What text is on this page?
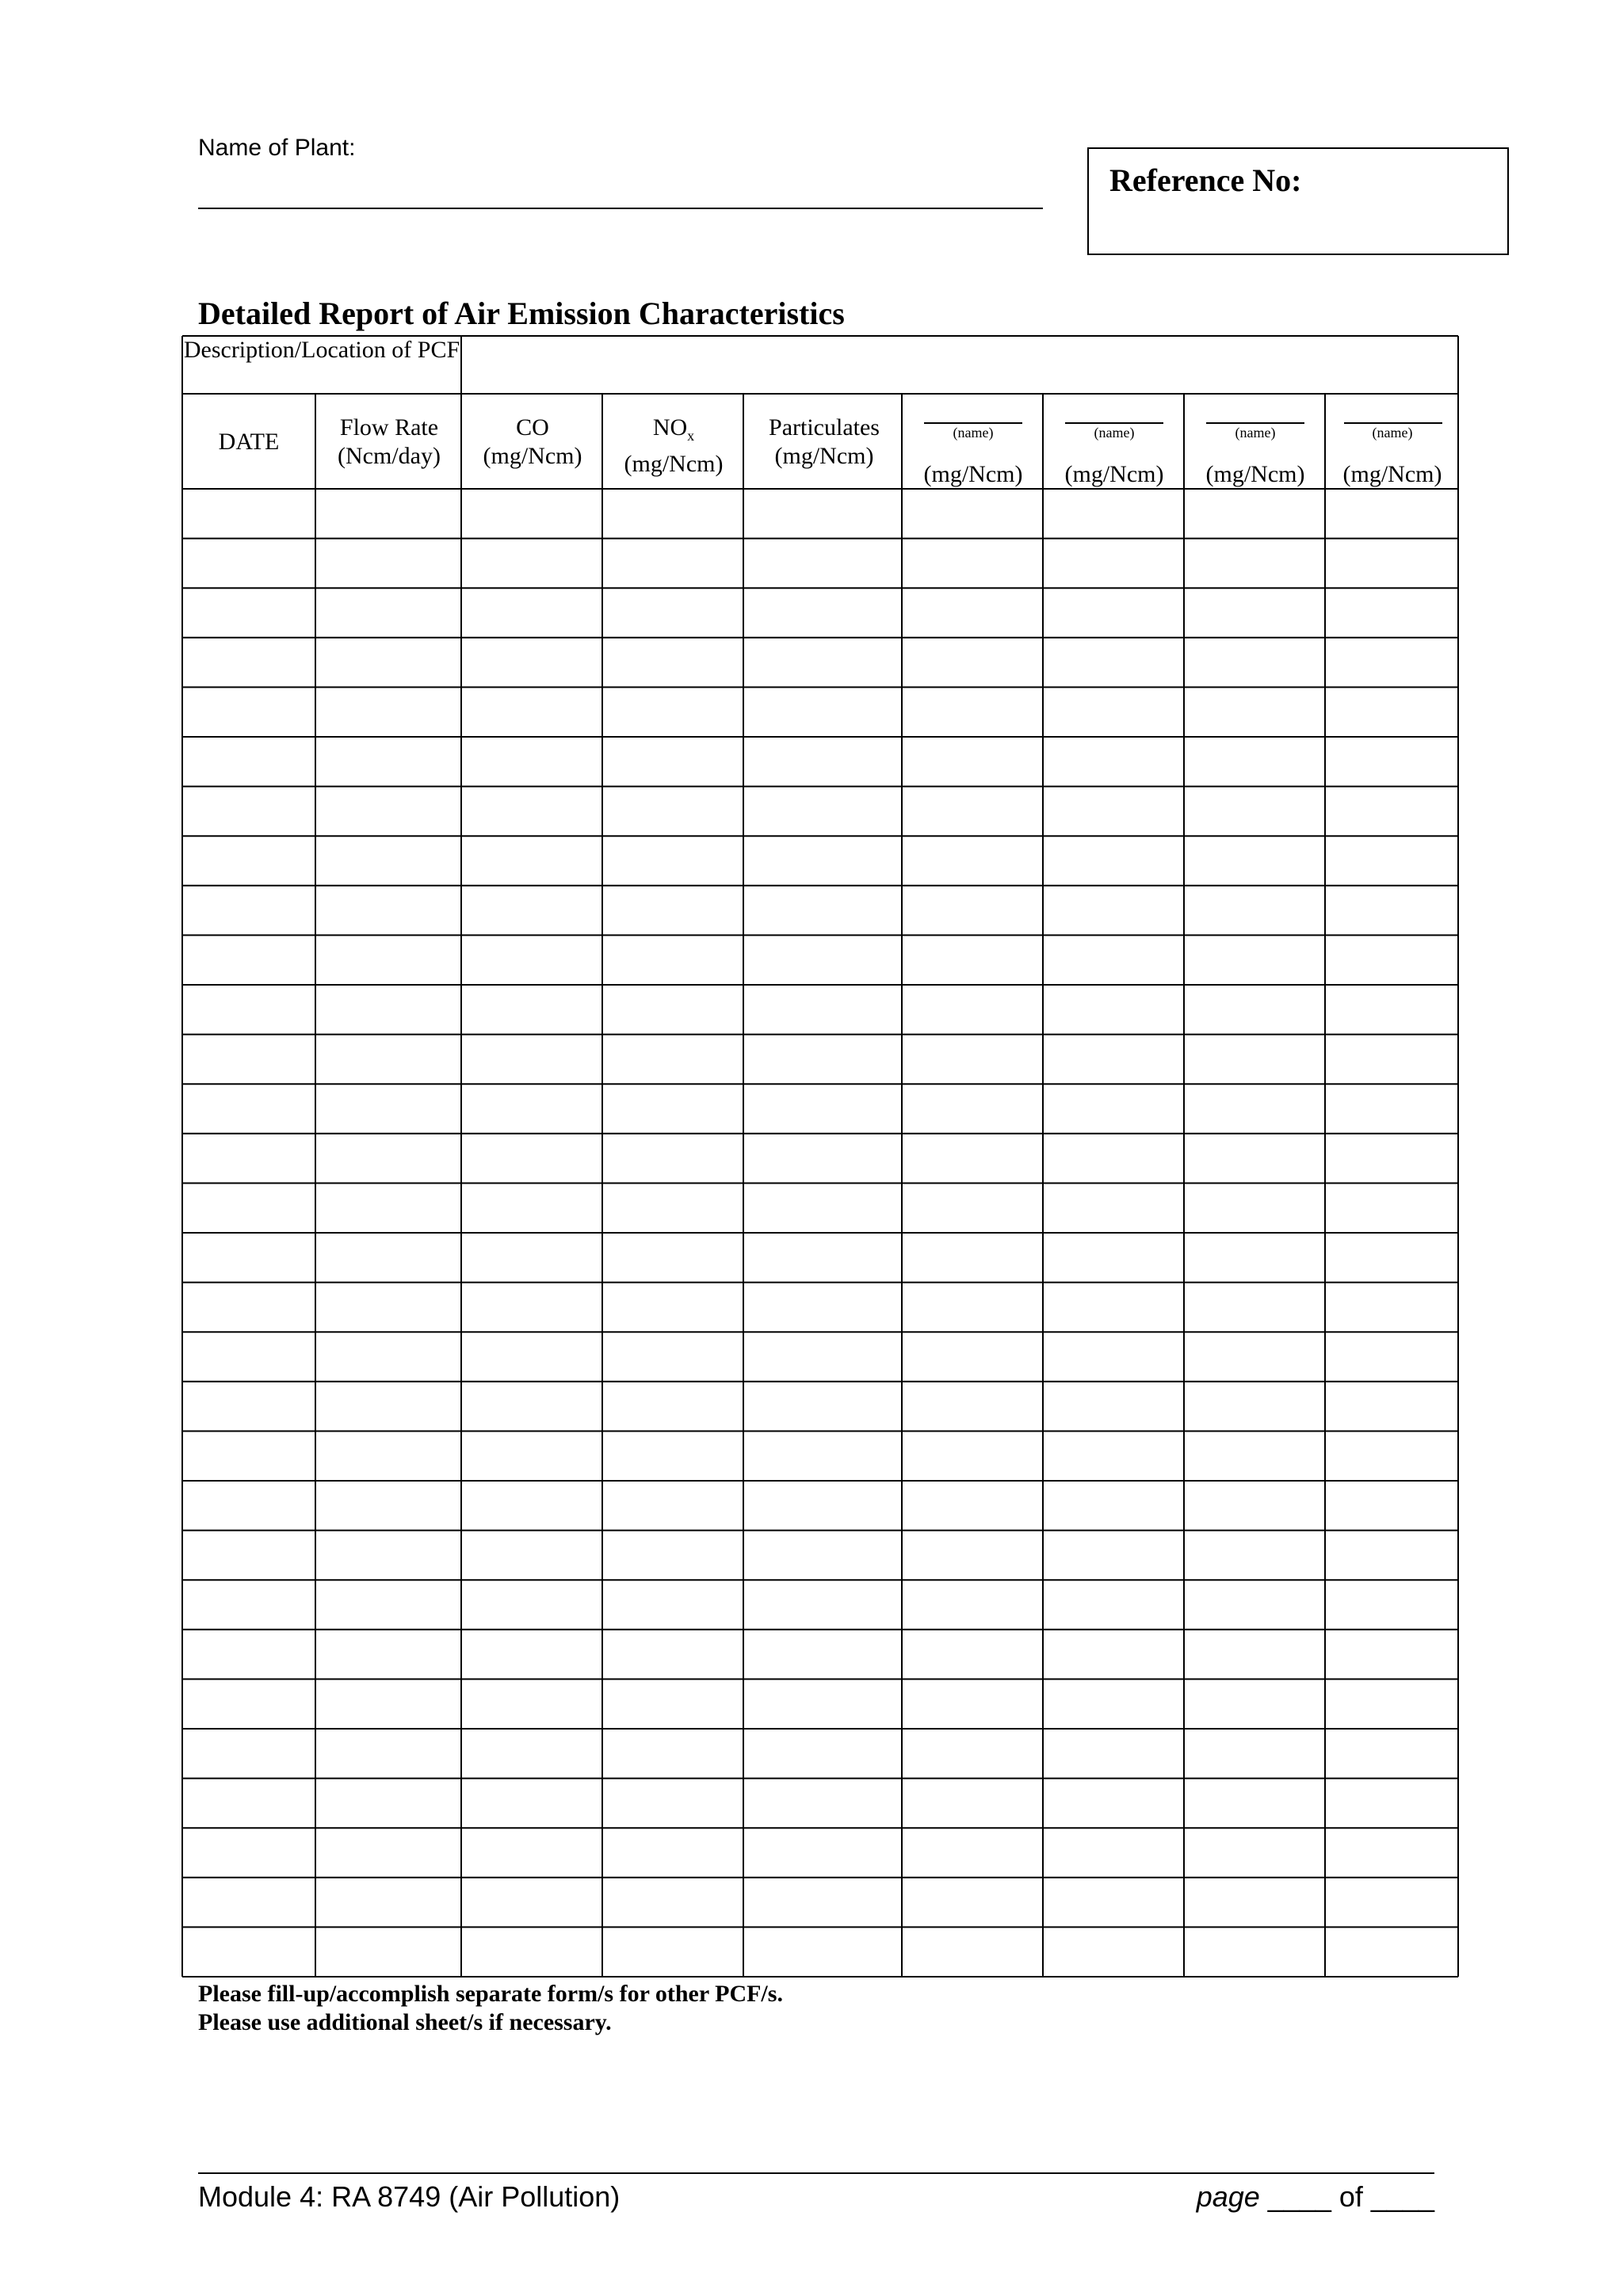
Name of Plant:
Reference No:
Detailed Report of Air Emission Characteristics
Description/Location of PCF
DATE
Flow Rate
(Ncm/day)
CO
(mg/Ncm)
$NO_x$
(mg/Ncm)
Particulates
(mg/Ncm)
(name)
(mg/Ncm)
(name)
(mg/Ncm)
(name)
(mg/Ncm)
(name)
(mg/Ncm)
Please fill-up/accomplish separate form/s for other PCF/s.
Please use additional sheet/s if necessary.
Module 4: RA 8749 (Air Pollution)	page ____ of ____
